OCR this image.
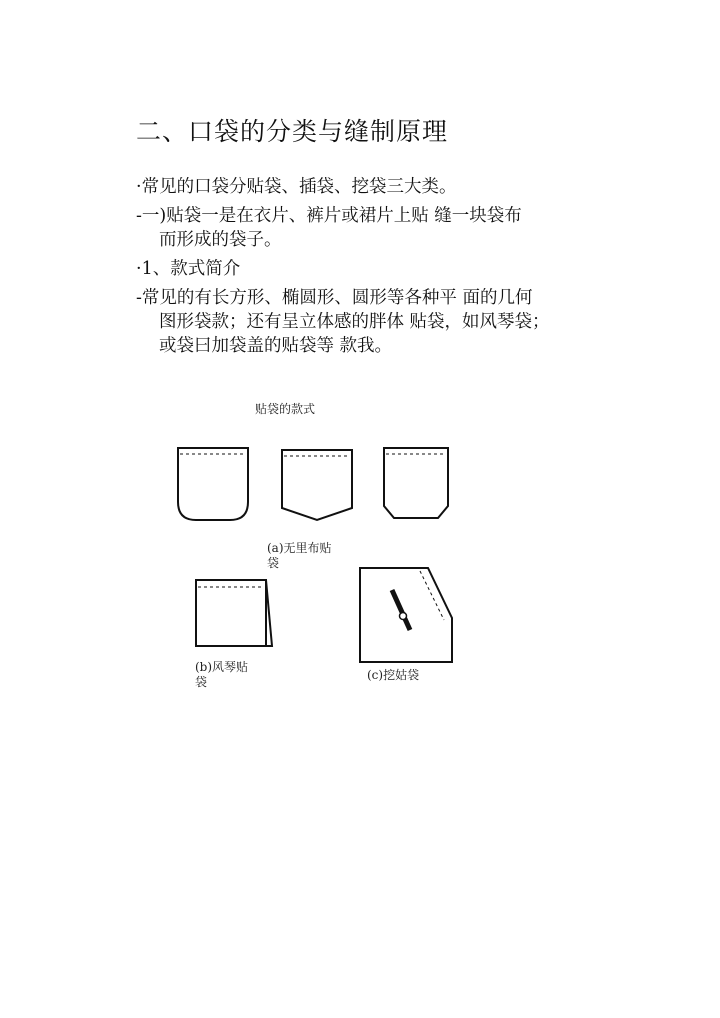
二、口袋的分类与缝制原理
·常见的口袋分贴袋、插袋、挖袋三大类。
-一)贴袋一是在衣片、裤片或裙片上贴 缝一块袋布
而形成的袋子。
·1、款式简介
-常见的有长方形、椭圆形、圆形等各种平 面的几何
图形袋款；还有呈立体感的胖体 贴袋，如风琴袋；
或袋曰加袋盖的贴袋等 款我。
贴袋的款式
(a)无里布贴
袋
(b)风琴贴
袋	(c)挖姑袋
